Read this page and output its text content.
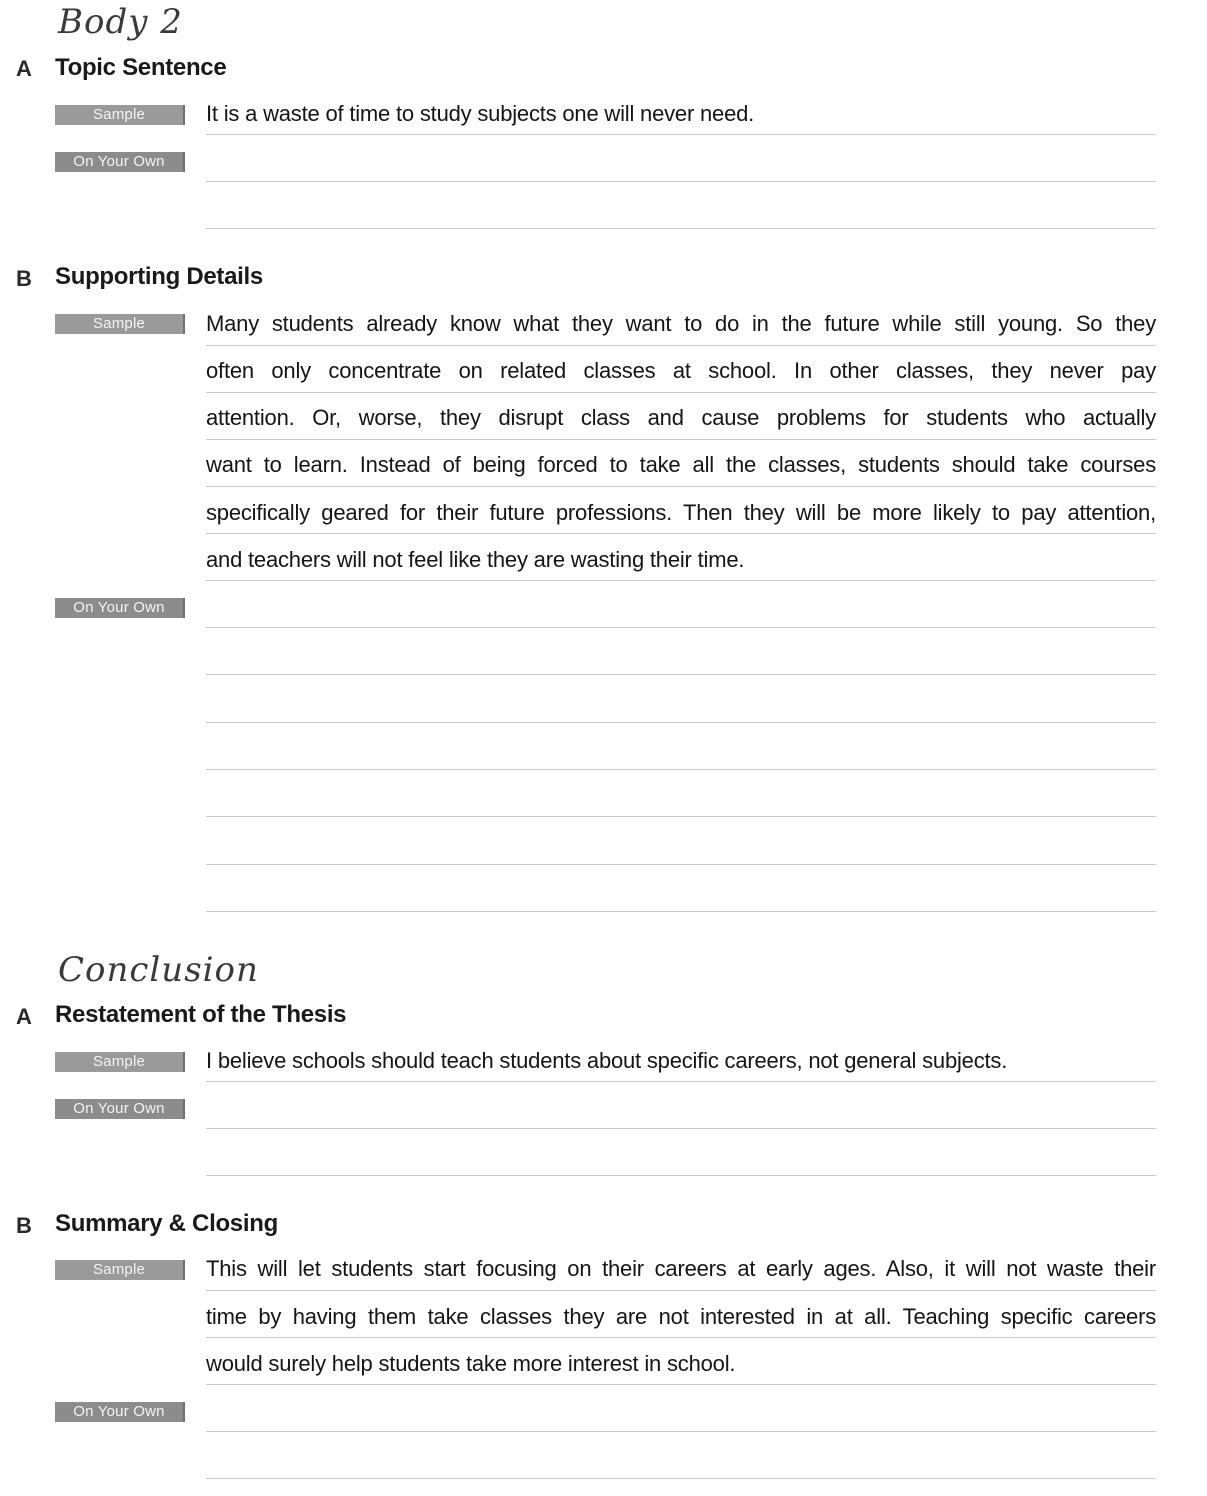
Body 2
A Topic Sentence
Sample	It is a waste of time to study subjects one will never need.
On Your Own
B Supporting Details
Sample	Many students already know what they want to do in the future while still young. So they
often only concentrate on related classes at school. In other classes, they never pay
attention. Or, worse, they disrupt class and cause problems for students who actually
want to learn. Instead of being forced to take all the classes, students should take courses
specifically geared for their future professions. Then they will be more likely to pay attention,
and teachers will not feel like they are wasting their time.
On Your Own
Conclusion
A Restatement of the Thesis
Sample	I believe schools should teach students about specific careers, not general subjects.
On Your Own
B Summary & Closing
Sample	This will let students start focusing on their careers at early ages. Also, it will not waste their
time by having them take classes they are not interested in at all. Teaching specific careers
would surely help students take more interest in school.
On Your Own
